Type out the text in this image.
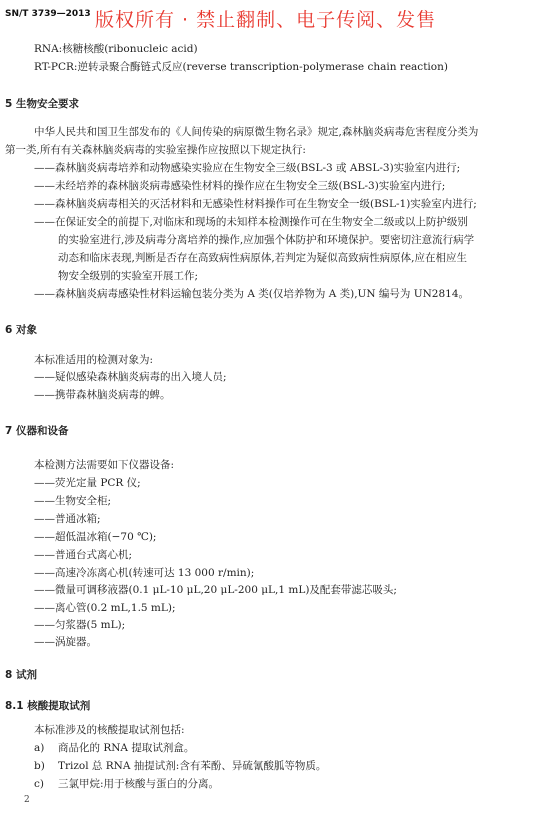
SN/T 3739—2013 版权所有 · 禁止翻制、电子传阅、发售
RNA:核糖核酸(ribonucleic acid)
RT-PCR:逆转录聚合酶链式反应(reverse transcription-polymerase chain reaction)
5 生物安全要求
中华人民共和国卫生部发布的《人间传染的病原微生物名录》规定,森林脑炎病毒危害程度分类为
第一类,所有有关森林脑炎病毒的实验室操作应按照以下规定执行:
——森林脑炎病毒培养和动物感染实验应在生物安全三级(BSL-3 或 ABSL-3)实验室内进行;
——未经培养的森林脑炎病毒感染性材料的操作应在生物安全三级(BSL-3)实验室内进行;
——森林脑炎病毒相关的灭活材料和无感染性材料操作可在生物安全一级(BSL-1)实验室内进行;
——在保证安全的前提下,对临床和现场的未知样本检测操作可在生物安全二级或以上防护级别
的实验室进行,涉及病毒分离培养的操作,应加强个体防护和环境保护。要密切注意流行病学
动态和临床表现,判断是否存在高致病性病原体,若判定为疑似高致病性病原体,应在相应生
物安全级别的实验室开展工作;
——森林脑炎病毒感染性材料运输包装分类为 A 类(仅培养物为 A 类),UN 编号为 UN2814。
6 对象
本标准适用的检测对象为:
——疑似感染森林脑炎病毒的出入境人员;
——携带森林脑炎病毒的蜱。
7 仪器和设备
本检测方法需要如下仪器设备:
——荧光定量 PCR 仪;
——生物安全柜;
——普通冰箱;
——超低温冰箱(−70 ℃);
——普通台式离心机;
——高速冷冻离心机(转速可达 13 000 r/min);
——微量可调移液器(0.1 μL-10 μL,20 μL-200 μL,1 mL)及配套带滤芯吸头;
——离心管(0.2 mL,1.5 mL);
——匀浆器(5 mL);
——涡旋器。
8 试剂
8.1 核酸提取试剂
本标准涉及的核酸提取试剂包括:
a) 商品化的 RNA 提取试剂盒。
b) Trizol 总 RNA 抽提试剂:含有苯酚、异硫氰酸胍等物质。
c) 三氯甲烷:用于核酸与蛋白的分离。
2
